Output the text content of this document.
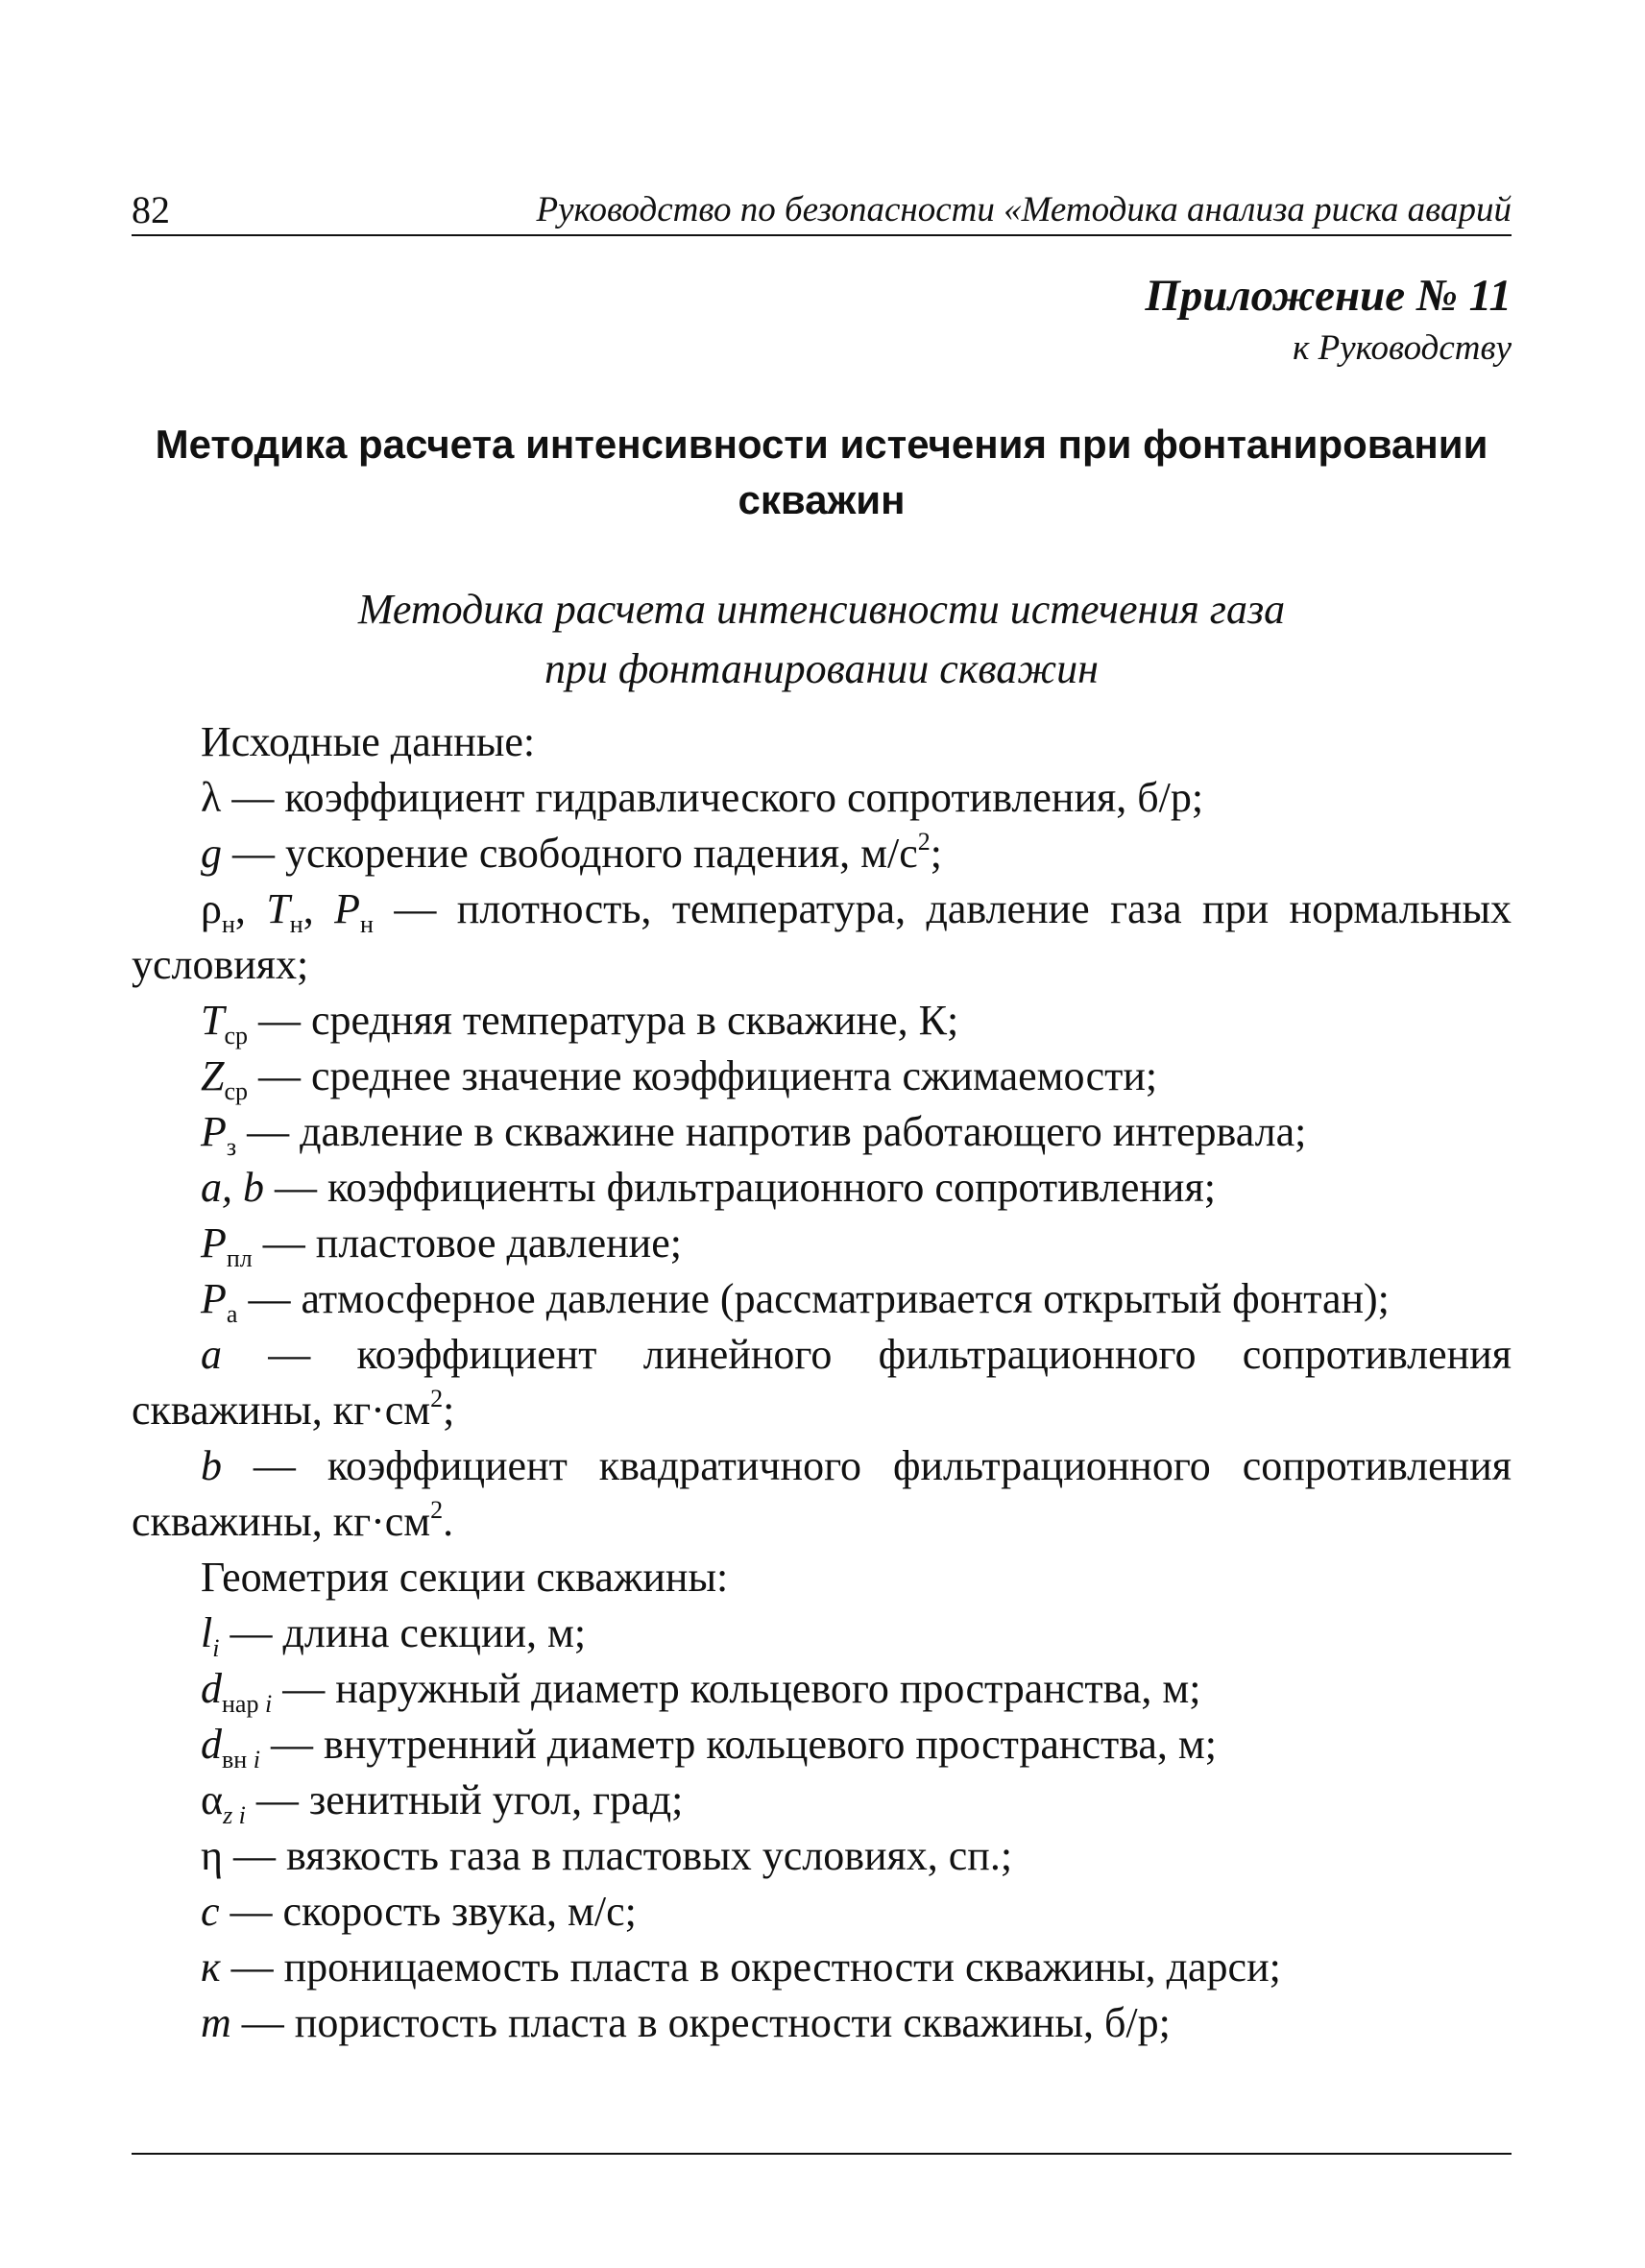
82	Руководство по безопасности «Методика анализа риска аварий
Приложение № 11
к Руководству
Методика расчета интенсивности истечения при фонтанировании
скважин
Методика расчета интенсивности истечения газа
при фонтанировании скважин

Исходные данные:

λ — коэффициент гидравлического сопротивления, б/р;

g — ускорение свободного падения, $м/с^2$;

$\rho_н$, $T_н$, $P_н$ — плотность, температура, давление газа при нормальных условиях;

$T_{ср}$ — средняя температура в скважине, К;

$Z_{ср}$ — среднее значение коэффициента сжимаемости;

$P_з$ — давление в скважине напротив работающего интервала;

a, b — коэффициенты фильтрационного сопротивления;

$P_{пл}$ — пластовое давление;

$P_а$ — атмосферное давление (рассматривается открытый фонтан);

a — коэффициент линейного фильтрационного сопротивления скважины, $кг\cdot см^2$;

b — коэффициент квадратичного фильтрационного сопротивления скважины, $кг\cdot см^2$.

Геометрия секции скважины:

$l_i$ — длина секции, м;

$d_{нар i}$ — наружный диаметр кольцевого пространства, м;

$d_{вн i}$ — внутренний диаметр кольцевого пространства, м;

$\alpha_{z i}$ — зенитный угол, град;

η — вязкость газа в пластовых условиях, сп.;

c — скорость звука, м/с;

к — проницаемость пласта в окрестности скважины, дарси;

m — пористость пласта в окрестности скважины, б/р;
